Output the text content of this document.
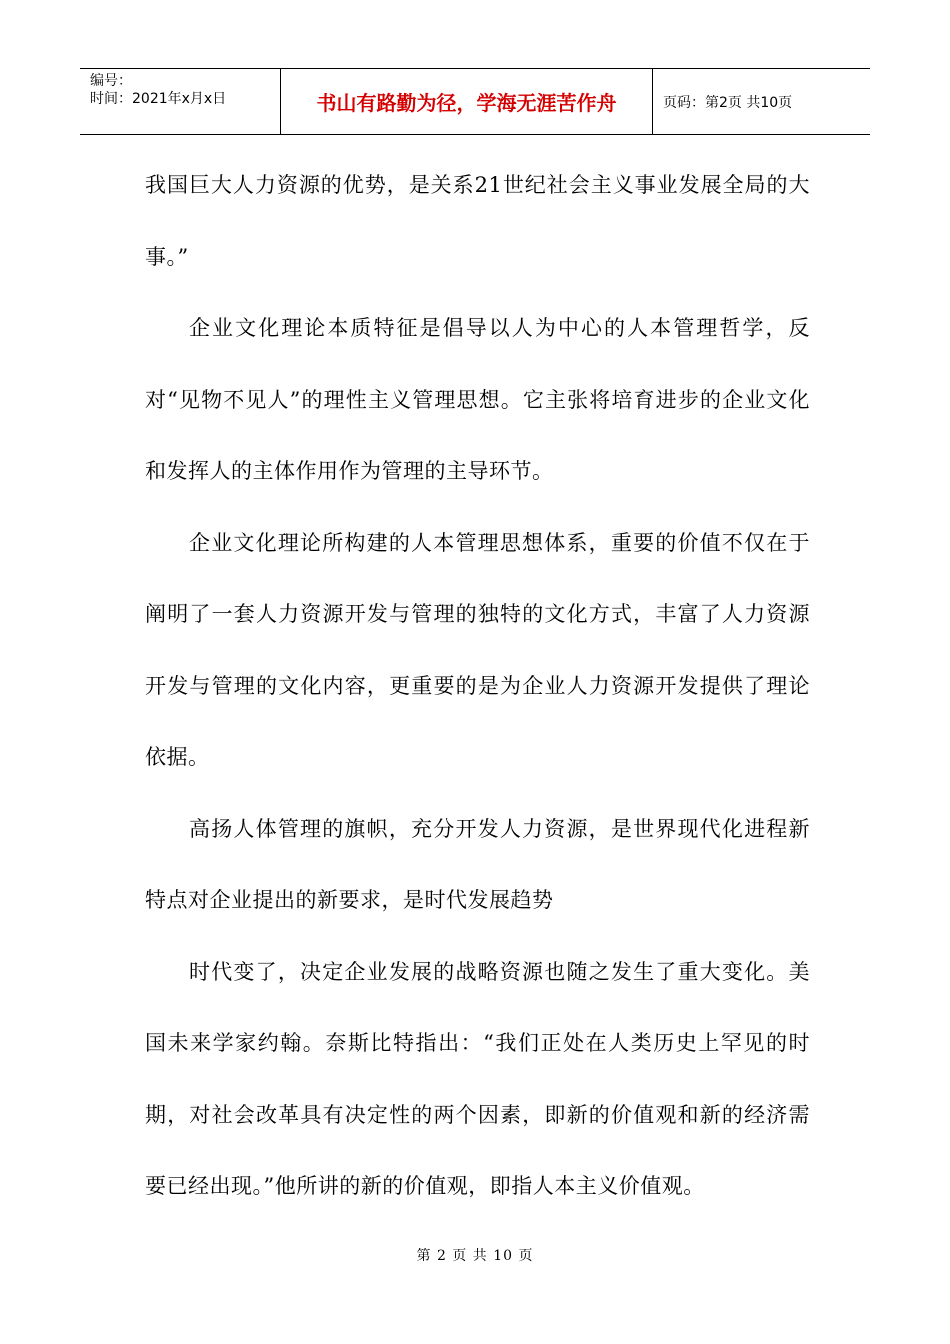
编号：
时间：2021年x月x日	书山有路勤为径，学海无涯苦作舟	页码：第2页 共10页

我国巨大人力资源的优势，是关系21世纪社会主义事业发展全局的大事。”

企业文化理论本质特征是倡导以人为中心的人本管理哲学，反对“见物不见人”的理性主义管理思想。它主张将培育进步的企业文化和发挥人的主体作用作为管理的主导环节。

企业文化理论所构建的人本管理思想体系，重要的价值不仅在于阐明了一套人力资源开发与管理的独特的文化方式，丰富了人力资源开发与管理的文化内容，更重要的是为企业人力资源开发提供了理论依据。

高扬人体管理的旗帜，充分开发人力资源，是世界现代化进程新特点对企业提出的新要求，是时代发展趋势

时代变了，决定企业发展的战略资源也随之发生了重大变化。美国未来学家约翰。奈斯比特指出：“我们正处在人类历史上罕见的时期，对社会改革具有决定性的两个因素，即新的价值观和新的经济需要已经出现。”他所讲的新的价值观，即指人本主义价值观。

第 2 页 共 10 页
